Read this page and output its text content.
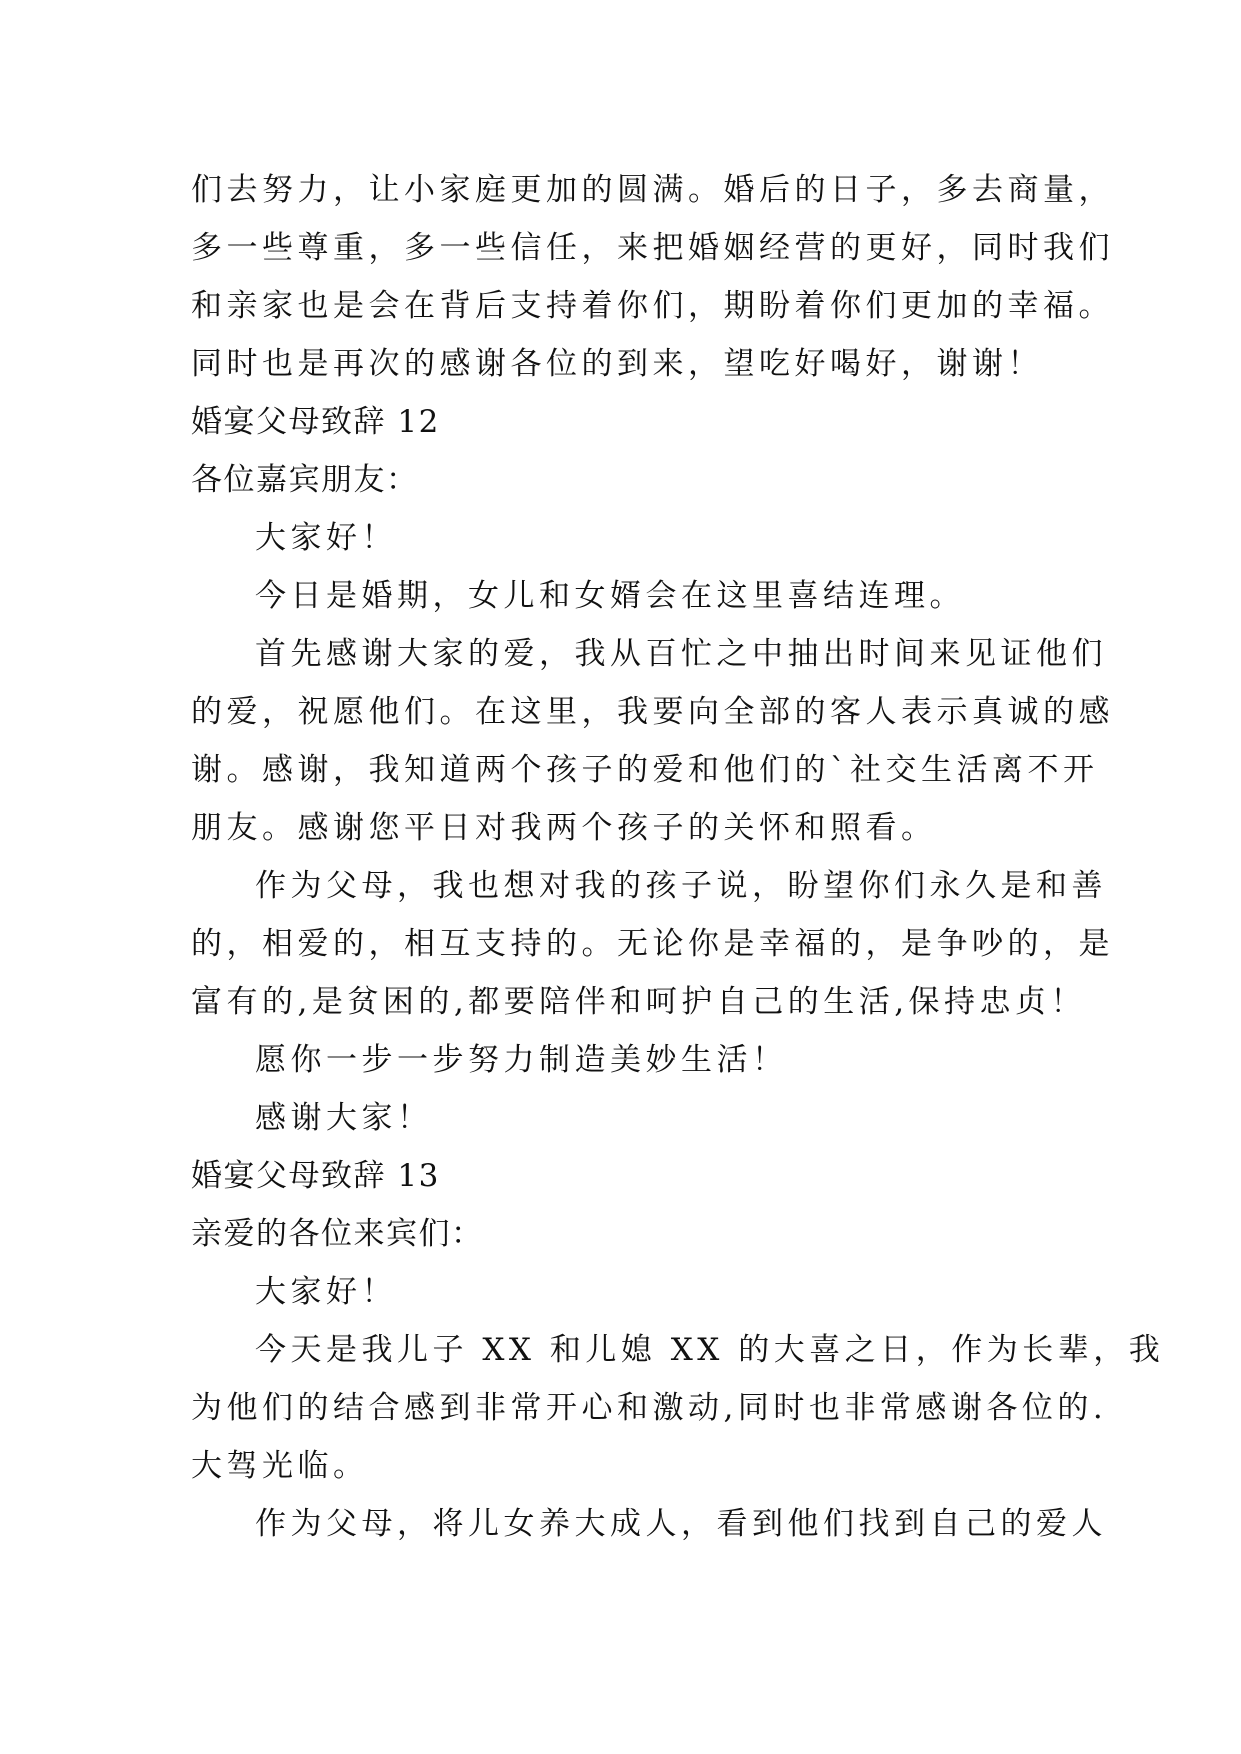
们去努力，让小家庭更加的圆满。婚后的日子，多去商量，
多一些尊重，多一些信任，来把婚姻经营的更好，同时我们
和亲家也是会在背后支持着你们，期盼着你们更加的幸福。
同时也是再次的感谢各位的到来，望吃好喝好，谢谢！
婚宴父母致辞 12
各位嘉宾朋友：
大家好！
今日是婚期，女儿和女婿会在这里喜结连理。
首先感谢大家的爱，我从百忙之中抽出时间来见证他们
的爱，祝愿他们。在这里，我要向全部的客人表示真诚的感
谢。感谢，我知道两个孩子的爱和他们的`社交生活离不开
朋友。感谢您平日对我两个孩子的关怀和照看。
作为父母，我也想对我的孩子说，盼望你们永久是和善
的，相爱的，相互支持的。无论你是幸福的，是争吵的，是
富有的,是贫困的,都要陪伴和呵护自己的生活,保持忠贞！
愿你一步一步努力制造美妙生活！
感谢大家！
婚宴父母致辞 13
亲爱的各位来宾们：
大家好！
今天是我儿子 XX 和儿媳 XX 的大喜之日，作为长辈，我
为他们的结合感到非常开心和激动,同时也非常感谢各位的.
大驾光临。
作为父母，将儿女养大成人，看到他们找到自己的爱人
